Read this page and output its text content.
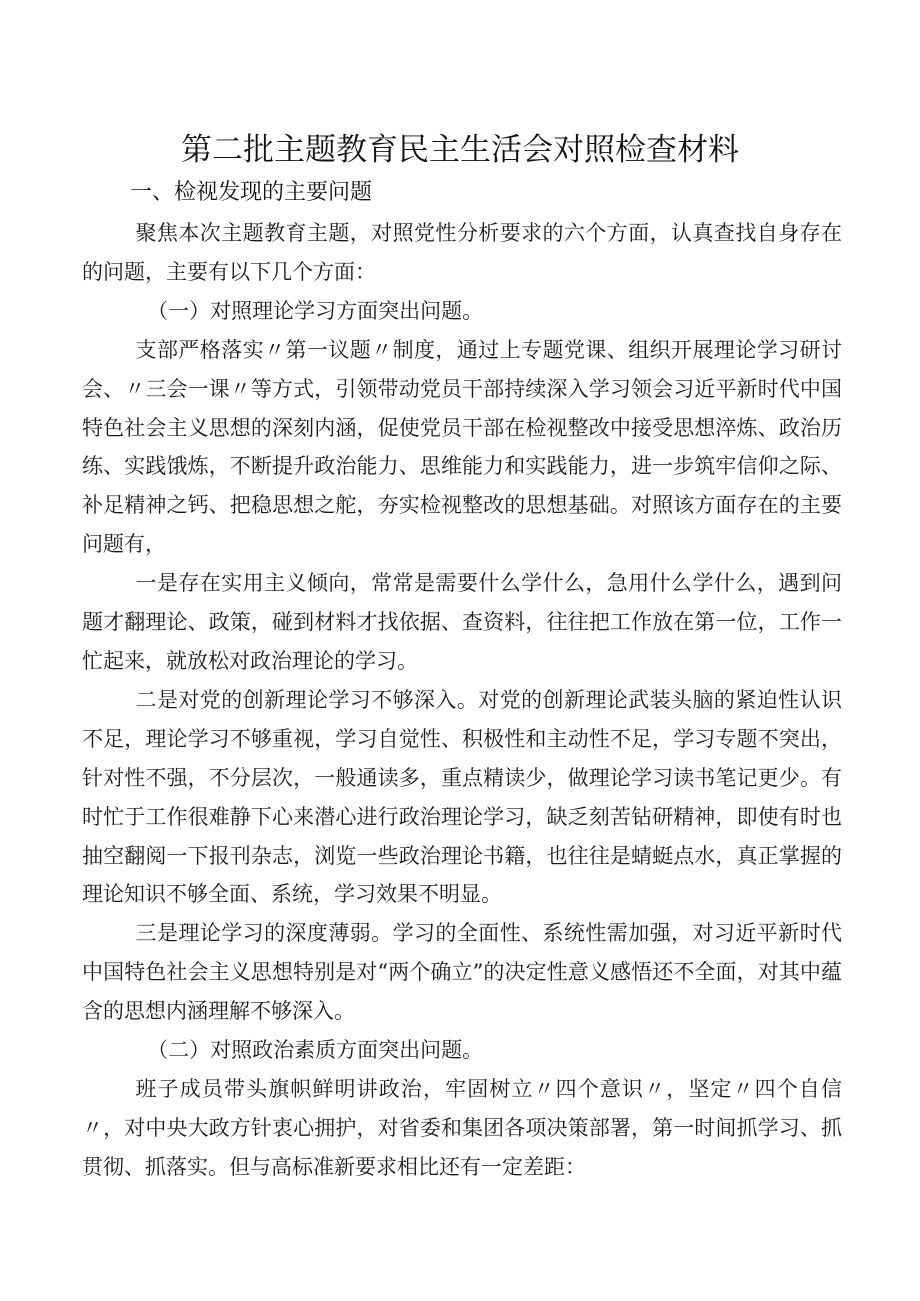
第二批主题教育民主生活会对照检查材料
一、检视发现的主要问题

聚焦本次主题教育主题，对照党性分析要求的六个方面，认真查找自身存在的问题，主要有以下几个方面：

（一）对照理论学习方面突出问题。

支部严格落实〃第一议题〃制度，通过上专题党课、组织开展理论学习研讨会、〃三会一课〃等方式，引领带动党员干部持续深入学习领会习近平新时代中国特色社会主义思想的深刻内涵，促使党员干部在检视整改中接受思想淬炼、政治历练、实践饿炼，不断提升政治能力、思维能力和实践能力，进一步筑牢信仰之际、补足精神之钙、把稳思想之舵，夯实检视整改的思想基础。对照该方面存在的主要问题有，

一是存在实用主义倾向，常常是需要什么学什么，急用什么学什么，遇到问题才翻理论、政策，碰到材料才找依据、查资料，往往把工作放在第一位，工作一忙起来，就放松对政治理论的学习。

二是对党的创新理论学习不够深入。对党的创新理论武装头脑的紧迫性认识不足，理论学习不够重视，学习自觉性、积极性和主动性不足，学习专题不突出，针对性不强，不分层次，一般通读多，重点精读少，做理论学习读书笔记更少。有时忙于工作很难静下心来潜心进行政治理论学习，缺乏刻苦钻研精神，即使有时也抽空翻阅一下报刊杂志，浏览一些政治理论书籍，也往往是蜻蜓点水，真正掌握的理论知识不够全面、系统，学习效果不明显。

三是理论学习的深度薄弱。学习的全面性、系统性需加强，对习近平新时代中国特色社会主义思想特别是对“两个确立”的决定性意义感悟还不全面，对其中蕴含的思想内涵理解不够深入。

（二）对照政治素质方面突出问题。

班子成员带头旗帜鲜明讲政治，牢固树立〃四个意识〃，坚定〃四个自信〃，对中央大政方针衷心拥护，对省委和集团各项决策部署，第一时间抓学习、抓贯彻、抓落实。但与高标准新要求相比还有一定差距：
